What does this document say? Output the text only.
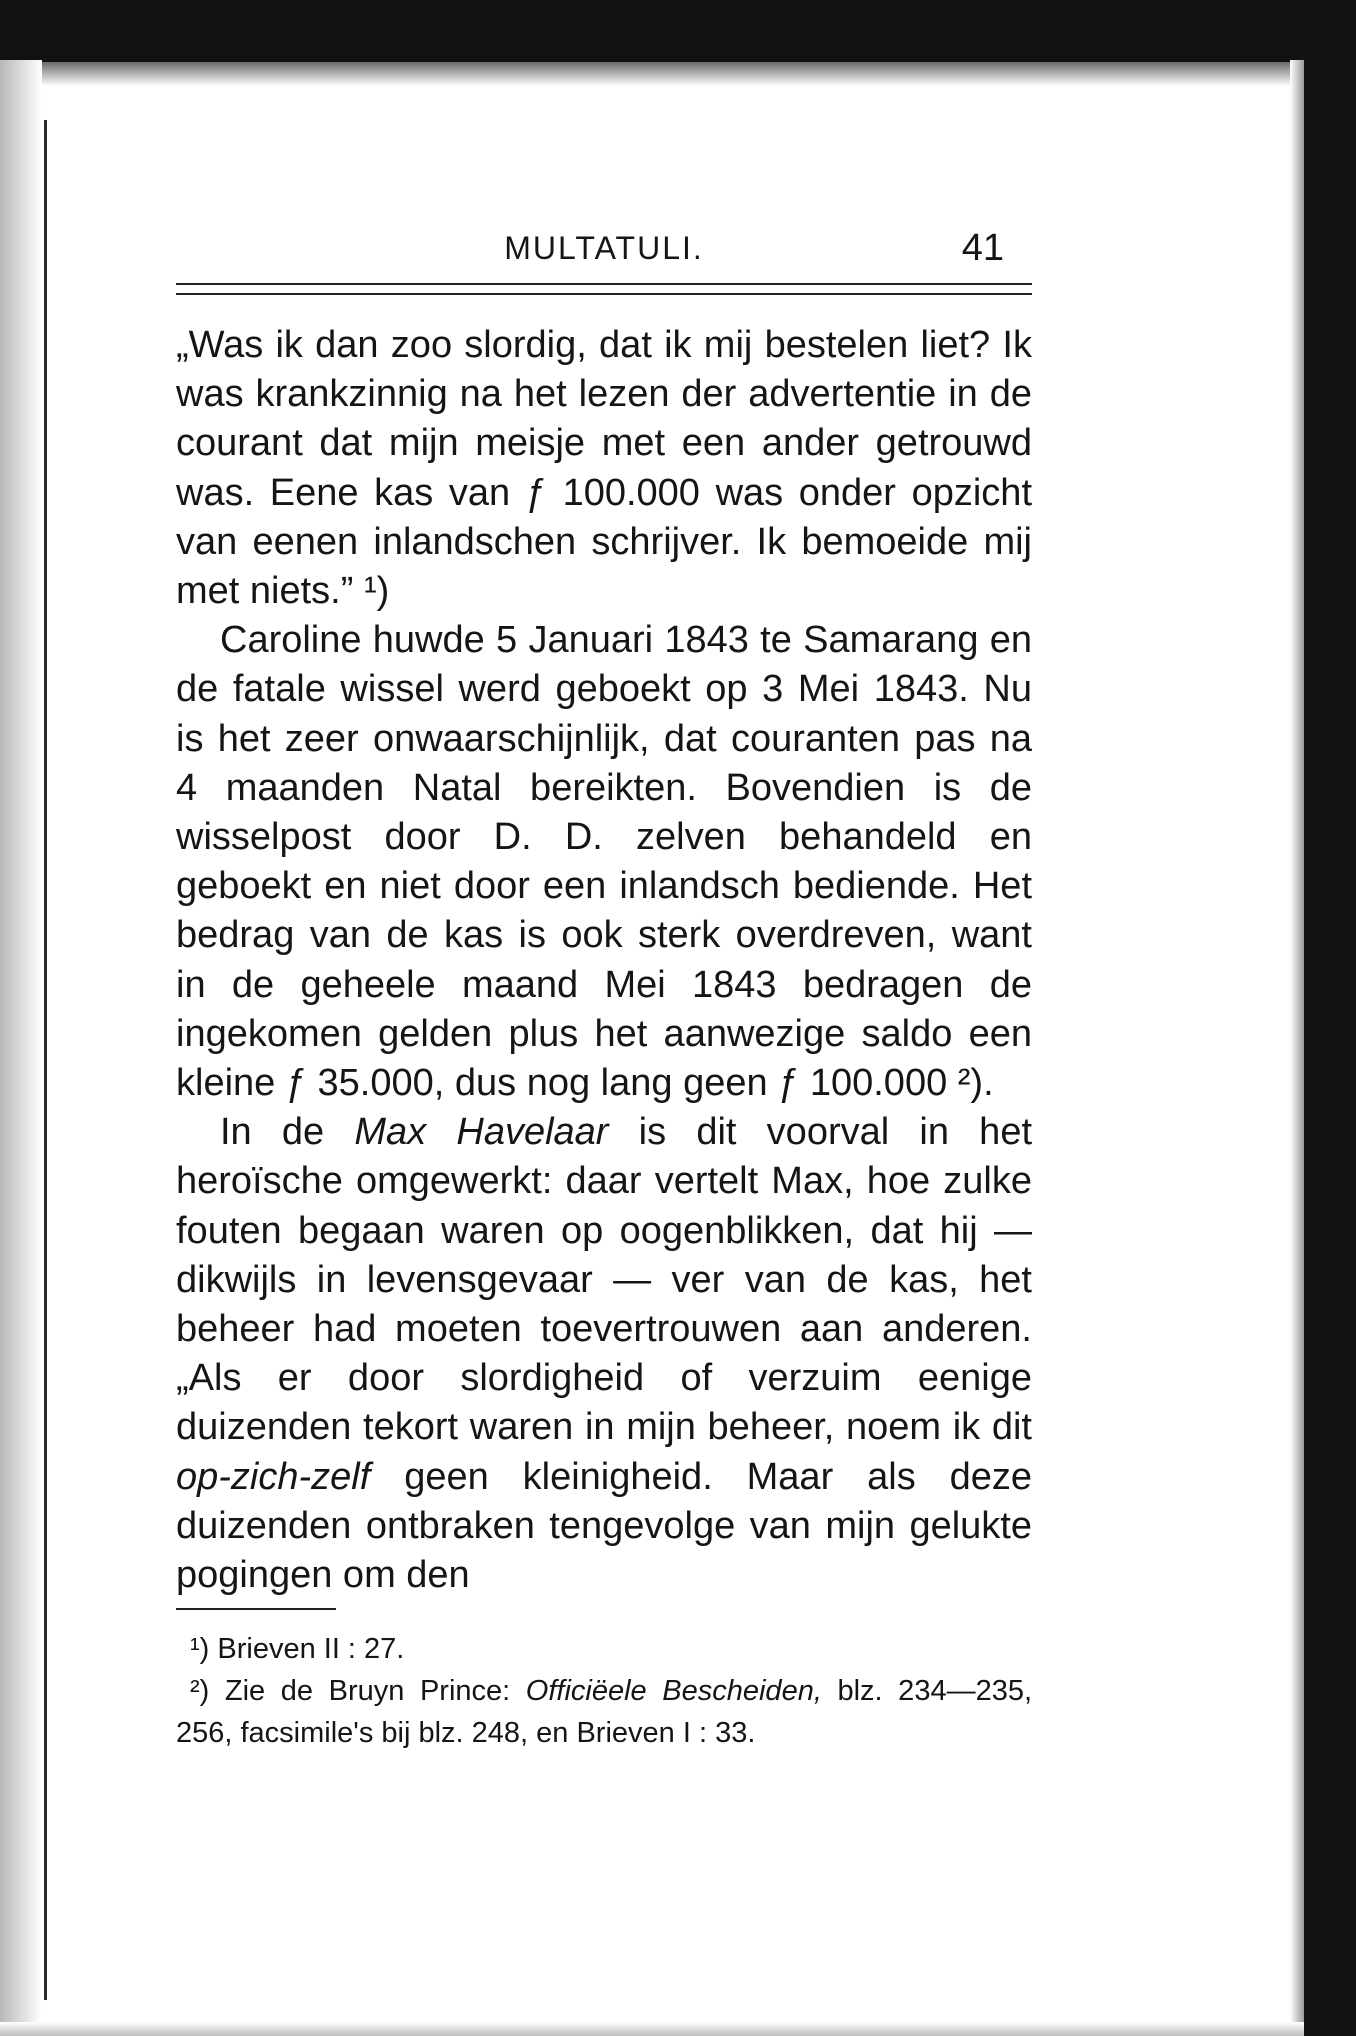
MULTATULI.	41

„Was ik dan zoo slordig, dat ik mij bestelen liet? Ik was krankzinnig na het lezen der advertentie in de courant dat mijn meisje met een ander getrouwd was. Eene kas van ƒ 100.000 was onder opzicht van eenen inlandschen schrijver. Ik bemoeide mij met niets.” ¹)

Caroline huwde 5 Januari 1843 te Samarang en de fatale wissel werd geboekt op 3 Mei 1843. Nu is het zeer onwaarschijnlijk, dat couranten pas na 4 maanden Natal bereikten. Bovendien is de wisselpost door D. D. zelven behandeld en geboekt en niet door een inlandsch bediende. Het bedrag van de kas is ook sterk overdreven, want in de geheele maand Mei 1843 bedragen de ingekomen gelden plus het aanwezige saldo een kleine ƒ 35.000, dus nog lang geen ƒ 100.000 ²).

In de Max Havelaar is dit voorval in het heroïsche omgewerkt: daar vertelt Max, hoe zulke fouten begaan waren op oogenblikken, dat hij — dikwijls in levensgevaar — ver van de kas, het beheer had moeten toevertrouwen aan anderen. „Als er door slordigheid of verzuim eenige duizenden tekort waren in mijn beheer, noem ik dit op-zich-zelf geen kleinigheid. Maar als deze duizenden ontbraken tengevolge van mijn gelukte pogingen om den

¹) Brieven II : 27.

²) Zie de Bruyn Prince: Officiëele Bescheiden, blz. 234—235, 256, facsimile's bij blz. 248, en Brieven I : 33.
